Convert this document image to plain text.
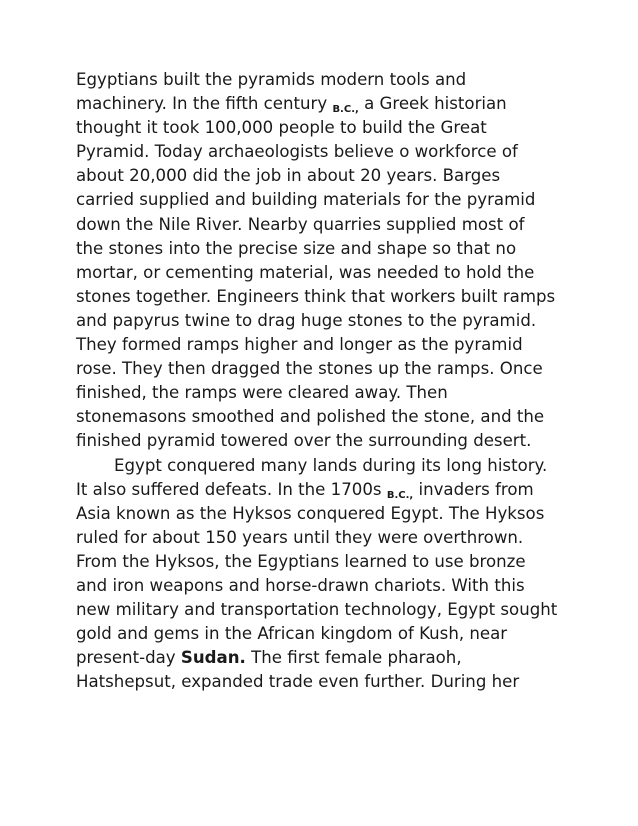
Egyptians built the pyramids modern tools and
machinery. In the fifth century $_{B.C.,}$ a Greek historian
thought it took 100,000 people to build the Great
Pyramid. Today archaeologists believe o workforce of
about 20,000 did the job in about 20 years. Barges
carried supplied and building materials for the pyramid
down the Nile River. Nearby quarries supplied most of
the stones into the precise size and shape so that no
mortar, or cementing material, was needed to hold the
stones together. Engineers think that workers built ramps
and papyrus twine to drag huge stones to the pyramid.
They formed ramps higher and longer as the pyramid
rose. They then dragged the stones up the ramps. Once
finished, the ramps were cleared away. Then
stonemasons smoothed and polished the stone, and the
finished pyramid towered over the surrounding desert.
Egypt conquered many lands during its long history.
It also suffered defeats. In the 1700s $_{B.C.,}$ invaders from
Asia known as the Hyksos conquered Egypt. The Hyksos
ruled for about 150 years until they were overthrown.
From the Hyksos, the Egyptians learned to use bronze
and iron weapons and horse-drawn chariots. With this
new military and transportation technology, Egypt sought
gold and gems in the African kingdom of Kush, near
present-day Sudan. The first female pharaoh,
Hatshepsut, expanded trade even further. During her
